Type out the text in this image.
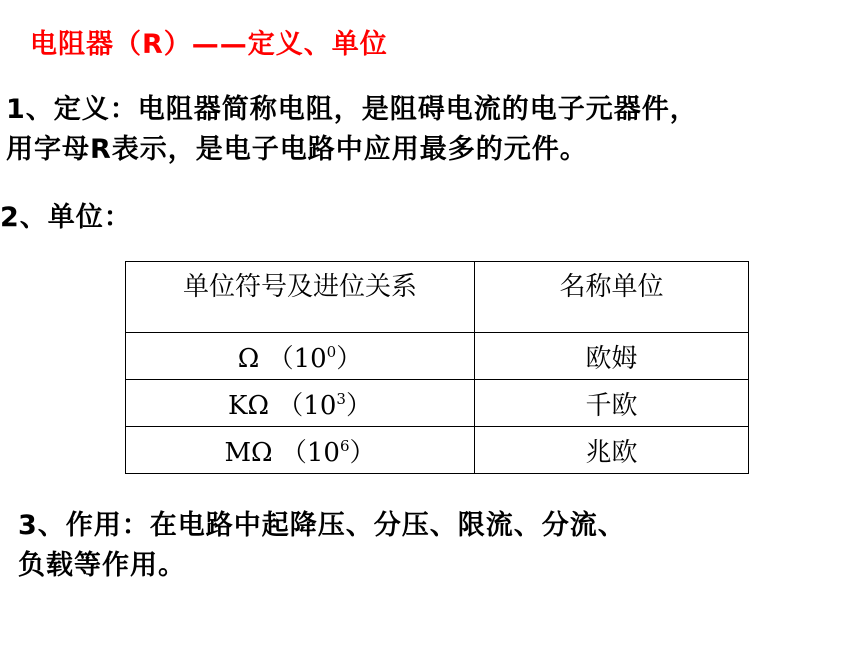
电阻器（R）——定义、单位
1、定义：电阻器简称电阻，是阻碍电流的电子元器件，
用字母R表示，是电子电路中应用最多的元件。
2、单位：
单位符号及进位关系	名称单位
Ω $(10^0)$	欧姆
KΩ $(10^3)$	千欧
MΩ $(10^6)$	兆欧
3、作用：在电路中起降压、分压、限流、分流、
负载等作用。
